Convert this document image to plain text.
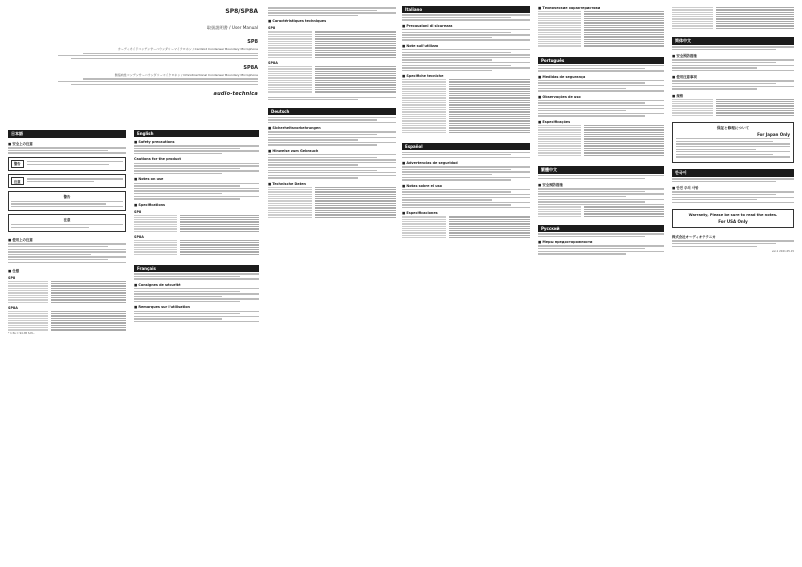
日本語
■ 安全上の注意
警告
注意
警告
注意
■ 使用上の注意
■ 仕様
SP8
SP8A
* 1 Pa = 94 dB S.P.L.
SP8/SP8A
取扱説明書 / User Manual
SP8
カーディオイドコンデンサーバウンダリーマイクロホン / Cardioid Condenser Boundary Microphone
SP8A
無指向性コンデンサーバウンダリーマイクロホン / Omnidirectional Condenser Boundary Microphone
audio-technica
English
■ Safety precautions
Cautions for the product
■ Notes on use
■ Specifications
SP8
SP8A
Français
■ Consignes de sécurité
■ Remarques sur l'utilisation
■ Caractéristiques techniques
SP8
SP8A
Deutsch
■ Sicherheitsvorkehrungen
■ Hinweise zum Gebrauch
■ Technische Daten
Italiano
■ Precauzioni di sicurezza
■ Note sull'utilizzo
■ Specifiche tecniche
Español
■ Advertencias de seguridad
■ Notas sobre el uso
■ Especificaciones
■ Технические характеристики
Português
■ Medidas de segurança
■ Observações de uso
■ Especificações
繁體中文
■ 安全預防措施
Русский
■ Меры предосторожности
简体中文
■ 安全预防措施
■ 使用注意事项
■ 规格
保証と修理について
For Japan Only
한국어
■ 안전 주의 사항
Warranty, Please be sure to read the notes.
For USA Only
株式会社オーディオテクニカ
ver.1 2021.05.15
